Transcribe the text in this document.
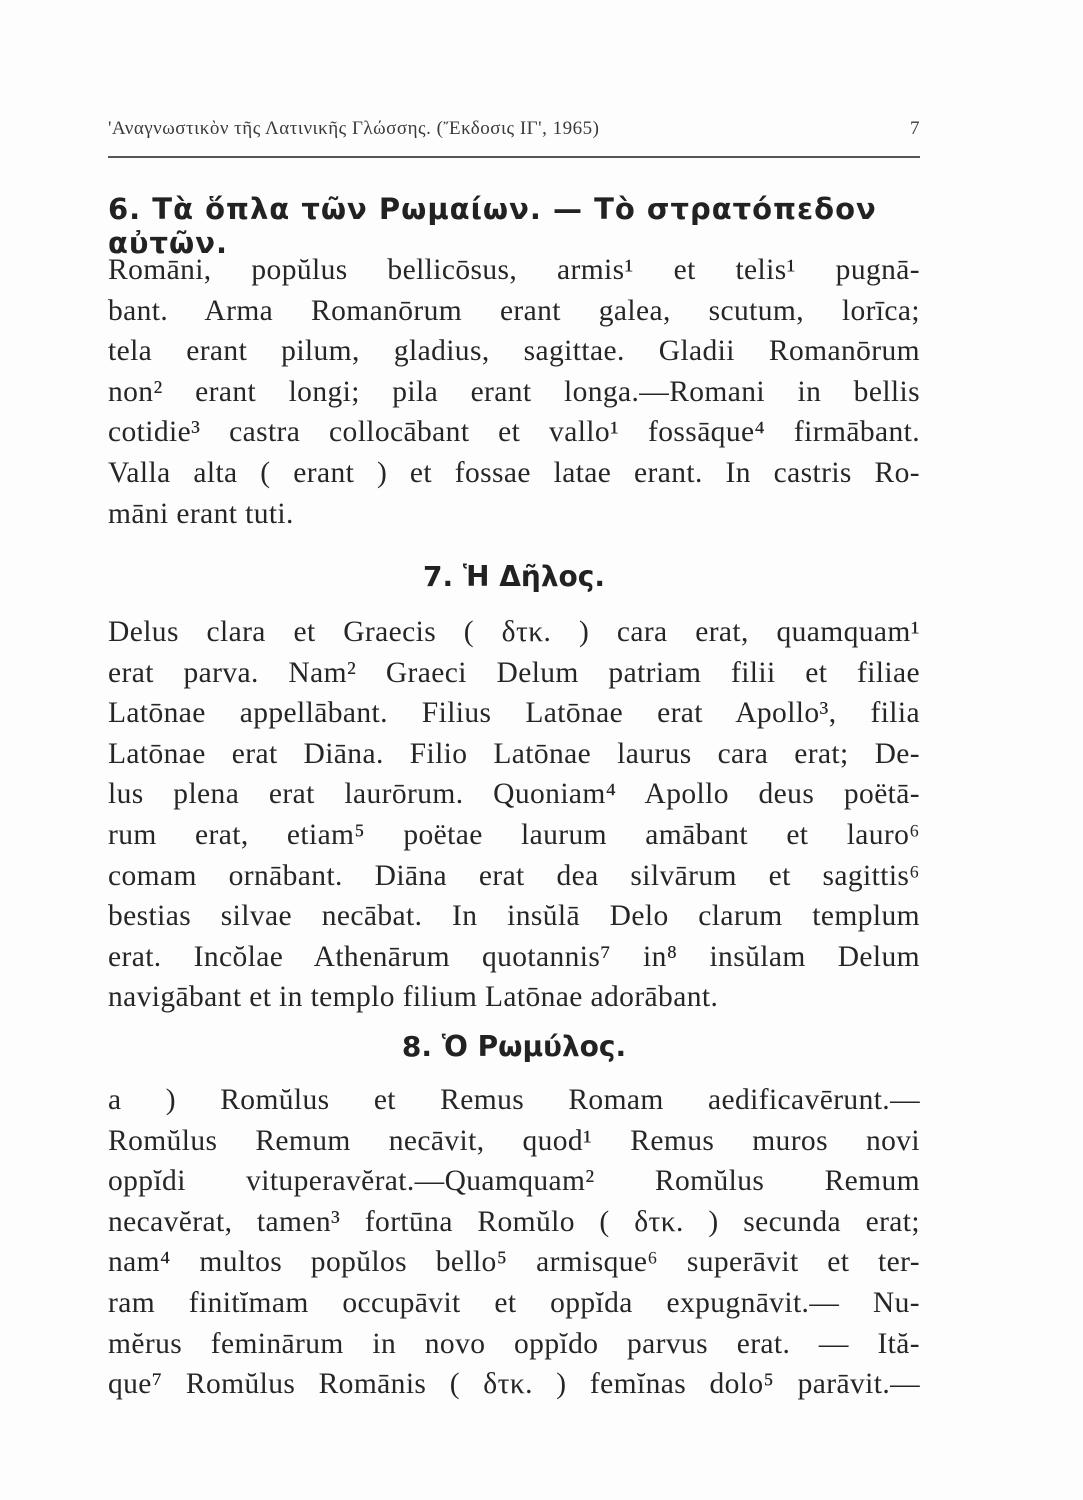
'Αναγνωστικὸν τῆς Λατινικῆς Γλώσσης. (Ἔκδοσις ΙΓ', 1965)	7
6. Τὰ ὅπλα τῶν Ρωμαίων. — Τὸ στρατόπεδον αὐτῶν.
Romāni, popŭlus bellicōsus, armis¹ et telis¹ pugnā-
bant. Arma Romanōrum erant galea, scutum, lorīca;
tela erant pilum, gladius, sagittae. Gladii Romanōrum
non² erant longi; pila erant longa.—Romani in bellis
cotidie³ castra collocābant et vallo¹ fossāque⁴ firmābant.
Valla alta ( erant ) et fossae latae erant. In castris Ro-
māni erant tuti.
7. Ἡ Δῆλος.
Delus clara et Graecis ( δτκ. ) cara erat, quamquam¹
erat parva. Nam² Graeci Delum patriam filii et filiae
Latōnae appellābant. Filius Latōnae erat Apollo³, filia
Latōnae erat Diāna. Filio Latōnae laurus cara erat; De-
lus plena erat laurōrum. Quoniam⁴ Apollo deus poëtā-
rum erat, etiam⁵ poëtae laurum amābant et lauro⁶
comam ornābant. Diāna erat dea silvārum et sagittis⁶
bestias silvae necābat. In insŭlā Delo clarum templum
erat. Incŏlae Athenārum quotannis⁷ in⁸ insŭlam Delum
navigābant et in templo filium Latōnae adorābant.
8. Ὁ Ρωμύλος.
a ) Romŭlus et Remus Romam aedificavērunt.—
Romŭlus Remum necāvit, quod¹ Remus muros novi
oppĭdi vituperavĕrat.—Quamquam² Romŭlus Remum
necavĕrat, tamen³ fortūna Romŭlo ( δτκ. ) secunda erat;
nam⁴ multos popŭlos bello⁵ armisque⁶ superāvit et ter-
ram finitĭmam occupāvit et oppĭda expugnāvit.— Nu-
mĕrus feminārum in novo oppĭdo parvus erat. — Ită-
que⁷ Romŭlus Romānis ( δτκ. ) femĭnas dolo⁵ parāvit.—
